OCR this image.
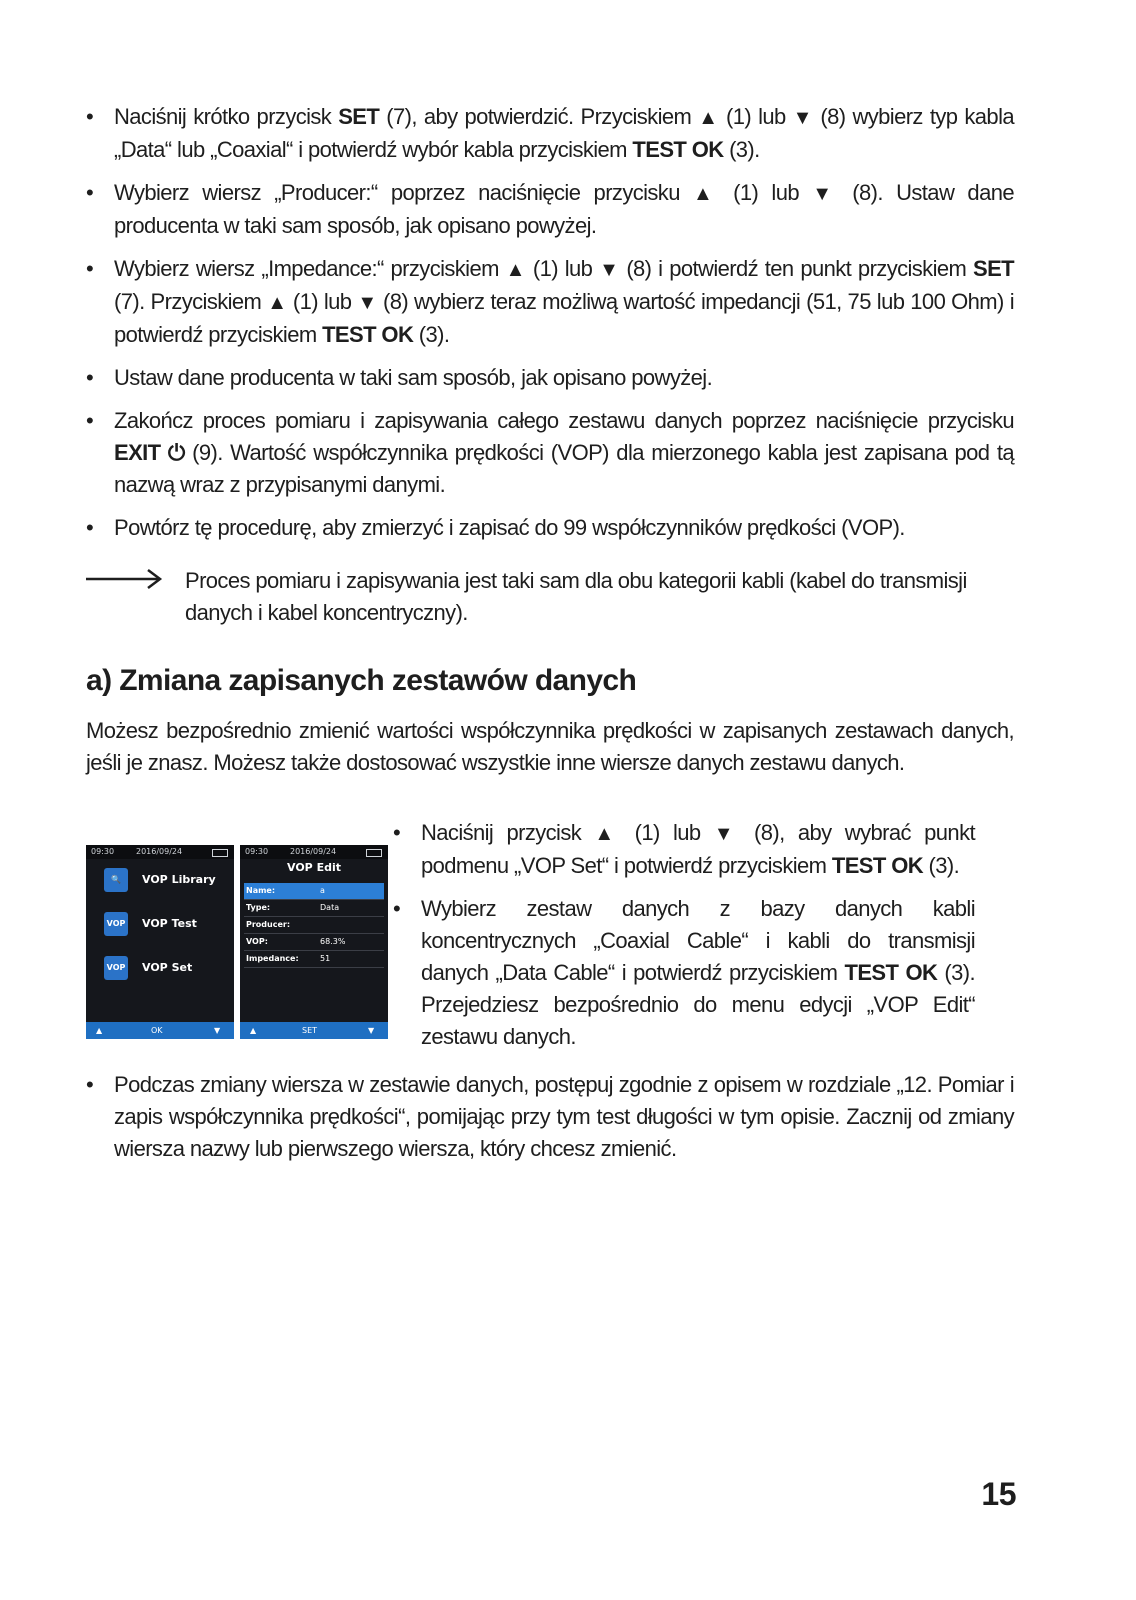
• Naciśnij krótko przycisk SET (7), aby potwierdzić. Przyciskiem ▲ (1) lub ▼ (8) wybierz typ kabla „Data“ lub „Coaxial“ i potwierdź wybór kabla przyciskiem TEST OK (3).
• Wybierz wiersz „Producer:“ poprzez naciśnięcie przycisku ▲ (1) lub ▼ (8). Ustaw dane producenta w taki sam sposób, jak opisano powyżej.
• Wybierz wiersz „Impedance:“ przyciskiem ▲ (1) lub ▼ (8) i potwierdź ten punkt przyciskiem SET (7). Przyciskiem ▲ (1) lub ▼ (8) wybierz teraz możliwą wartość impedancji (51, 75 lub 100 Ohm) i potwierdź przyciskiem TEST OK (3).
• Ustaw dane producenta w taki sam sposób, jak opisano powyżej.
• Zakończ proces pomiaru i zapisywania całego zestawu danych poprzez naciśnięcie przycisku EXIT ⏻ (9). Wartość współczynnika prędkości (VOP) dla mierzonego kabla jest zapisana pod tą nazwą wraz z przypisanymi danymi.
• Powtórz tę procedurę, aby zmierzyć i zapisać do 99 współczynników prędkości (VOP).
Proces pomiaru i zapisywania jest taki sam dla obu kategorii kabli (kabel do transmisji danych i kabel koncentryczny).
a) Zmiana zapisanych zestawów danych
Możesz bezpośrednio zmienić wartości współczynnika prędkości w zapisanych zestawach danych, jeśli je znasz. Możesz także dostosować wszystkie inne wiersze danych zestawu danych.
09:30	2016/09/24
🔍	VOP Library
VOP VOP Test
VOP VOP Set
▲	OK	▼
09:30	2016/09/24
VOP Edit
Name:	a
Type:	Data
Producer:
VOP:	68.3%
Impedance:	51
▲	SET	▼
• Naciśnij przycisk ▲ (1) lub ▼ (8), aby wybrać punkt podmenu „VOP Set“ i potwierdź przyciskiem TEST OK (3).
• Wybierz zestaw danych z bazy danych kabli koncentrycznych „Coaxial Cable“ i kabli do transmisji danych „Data Cable“ i potwierdź przyciskiem TEST OK (3). Przejedziesz bezpośrednio do menu edycji „VOP Edit“ zestawu danych.
• Podczas zmiany wiersza w zestawie danych, postępuj zgodnie z opisem w rozdziale „12. Pomiar i zapis współczynnika prędkości“, pomijając przy tym test długości w tym opisie. Zacznij od zmiany wiersza nazwy lub pierwszego wiersza, który chcesz zmienić.
15
